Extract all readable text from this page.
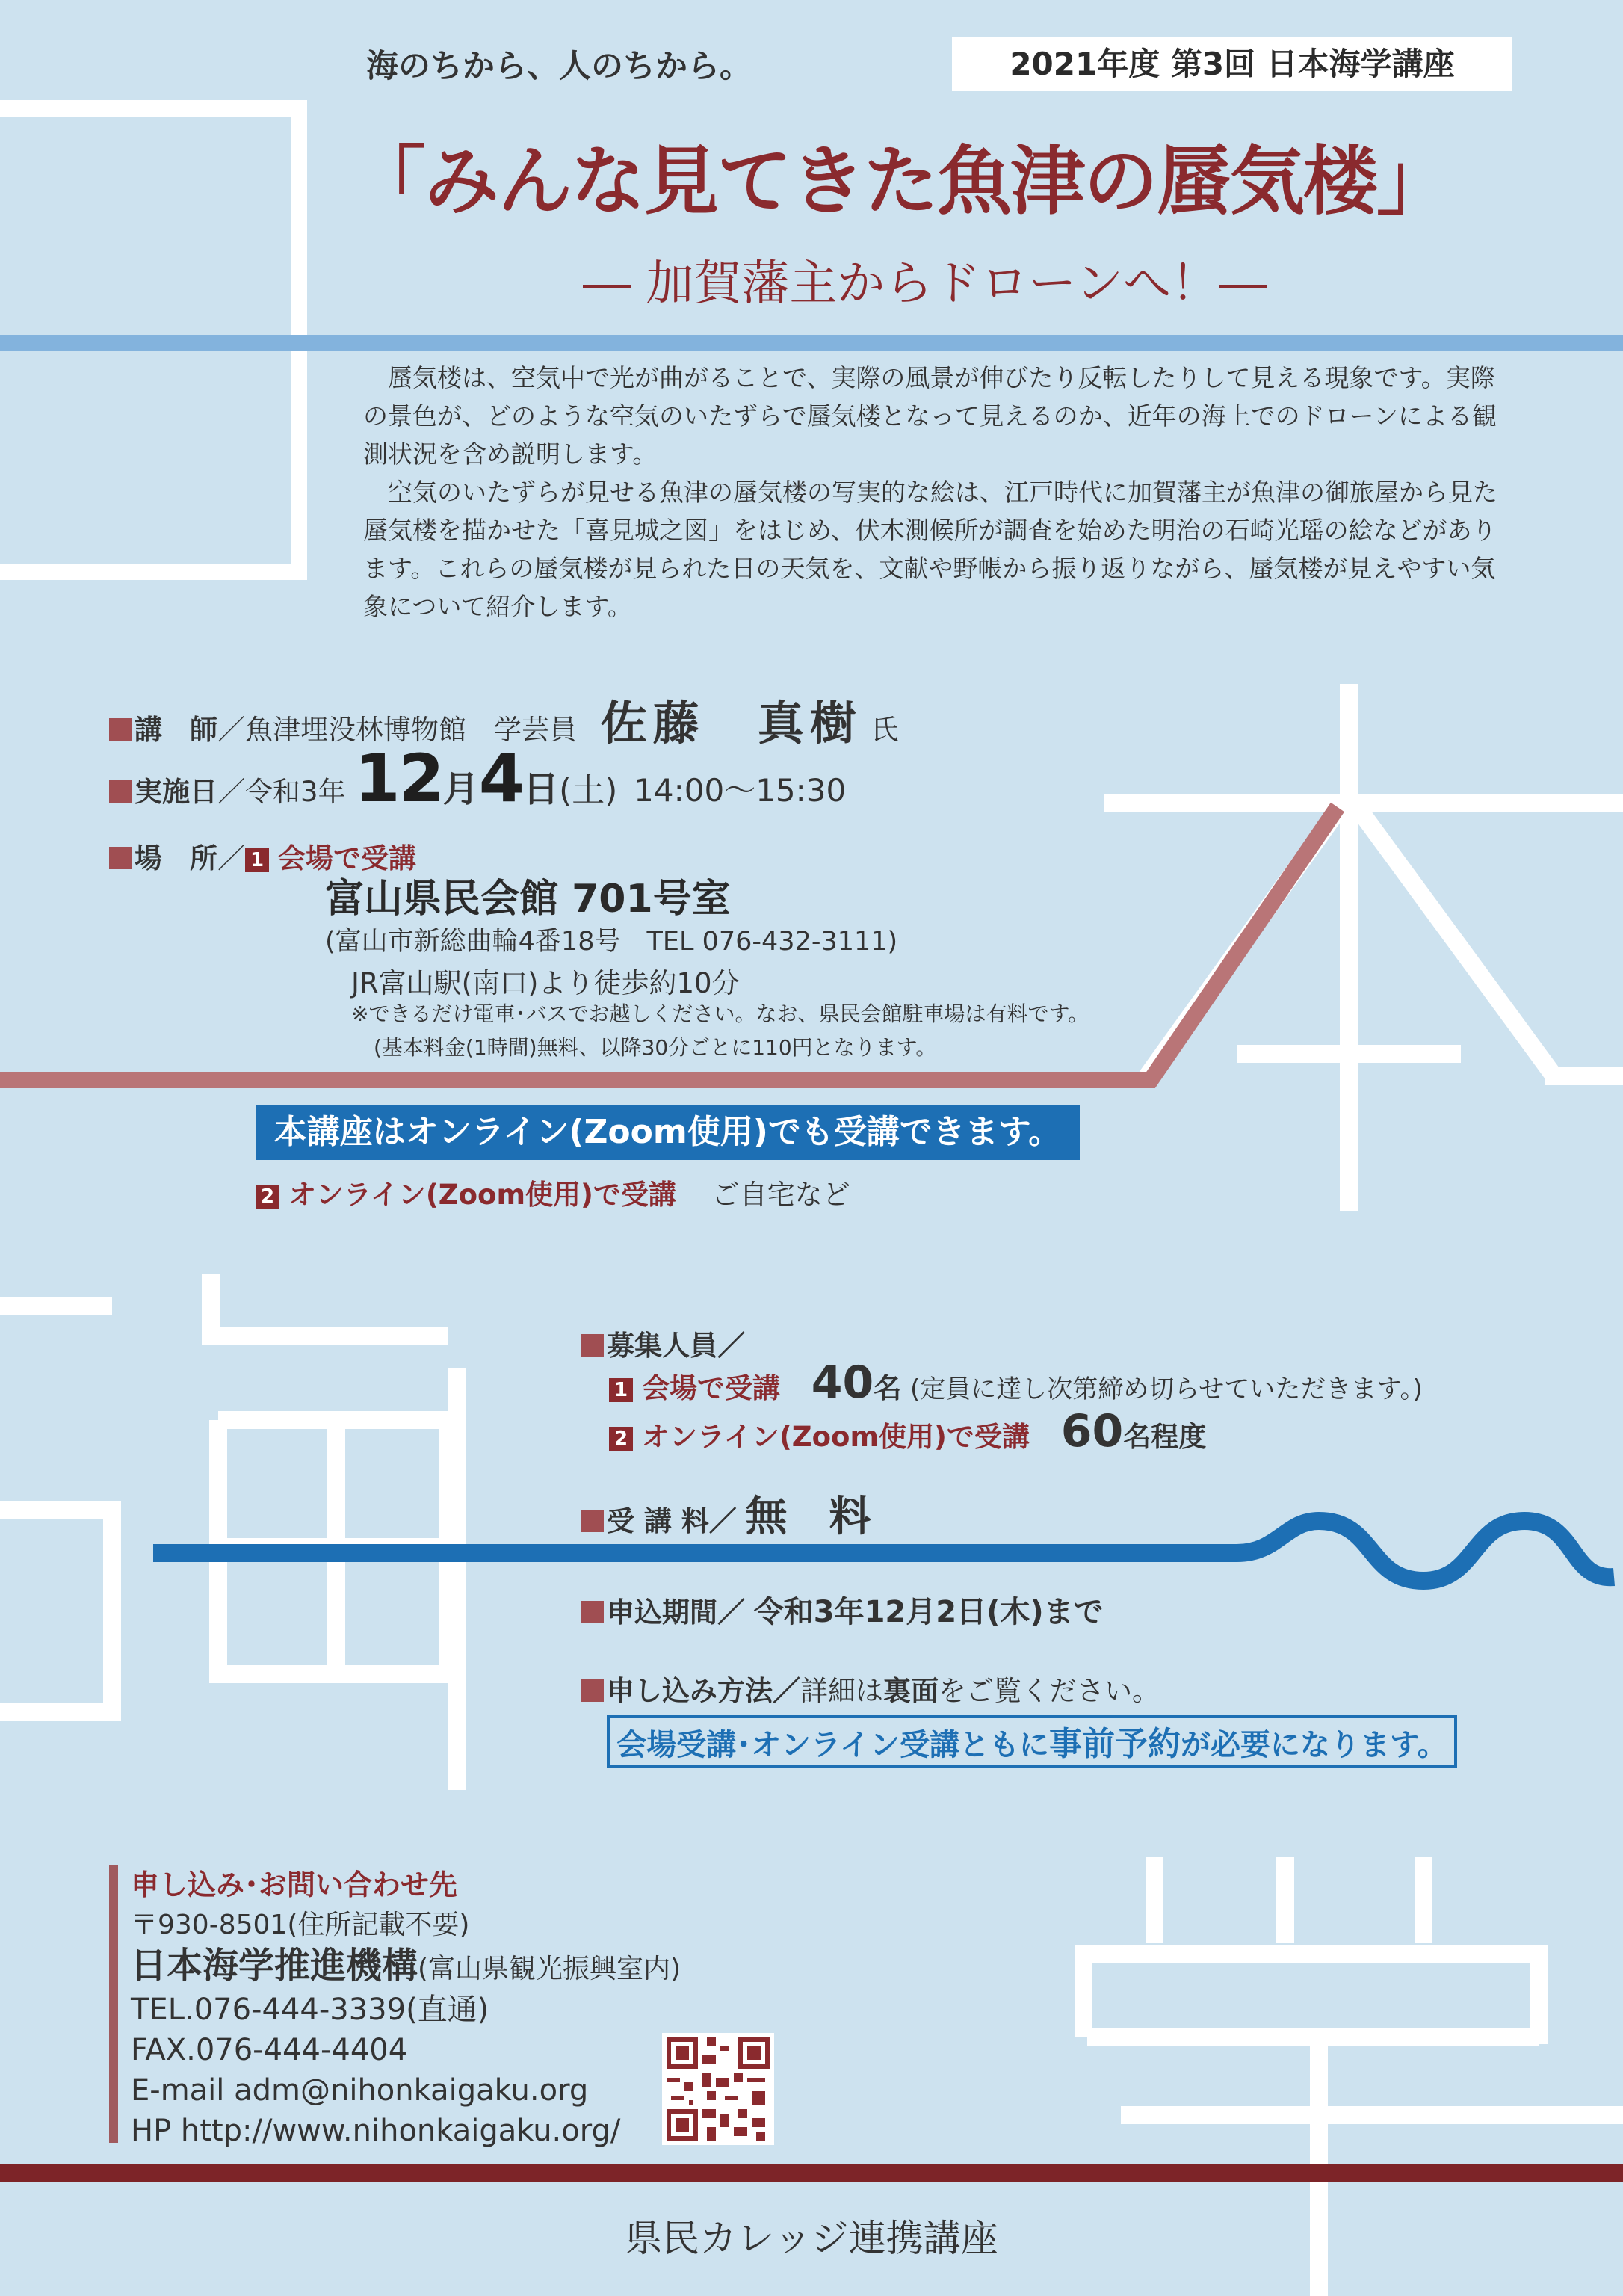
海のちから、人のちから。	2021年度 第3回 日本海学講座
「みんな見てきた魚津の蜃気楼」
― 加賀藩主からドローンへ！―

蜃気楼は、空気中で光が曲がることで、実際の風景が伸びたり反転したりして見える現象です。実際の景色が、どのような空気のいたずらで蜃気楼となって見えるのか、近年の海上でのドローンによる観測状況を含め説明します。

空気のいたずらが見せる魚津の蜃気楼の写実的な絵は、江戸時代に加賀藩主が魚津の御旅屋から見た蜃気楼を描かせた「喜見城之図」をはじめ、伏木測候所が調査を始めた明治の石崎光瑶の絵などがあります。これらの蜃気楼が見られた日の天気を、文献や野帳から振り返りながら、蜃気楼が見えやすい気象について紹介します。

講　師／魚津埋没林博物館　学芸員 佐藤　真樹 氏
実施日／令和3年 12月4日(土) 14:00～15:30
場　所／ 1 会場で受講
富山県民会館 701号室
(富山市新総曲輪4番18号　TEL 076-432-3111)
JR富山駅(南口)より徒歩約10分
※できるだけ電車･バスでお越しください。なお、県民会館駐車場は有料です。
(基本料金(1時間)無料、以降30分ごとに110円となります。
本講座はオンライン(Zoom使用)でも受講できます。
2 オンライン(Zoom使用)で受講 ご自宅など
募集人員／
1 会場で受講 40名 (定員に達し次第締め切らせていただきます。)
2 オンライン(Zoom使用)で受講 60名程度
受 講 料／ 無　料
申込期間／ 令和3年12月2日(木)まで
申し込み方法／詳細は裏面をご覧ください。
会場受講･オンライン受講ともに事前予約が必要になります。
申し込み･お問い合わせ先
〒930-8501(住所記載不要)
日本海学推進機構(富山県観光振興室内)
TEL.076-444-3339(直通)
FAX.076-444-4404
E-mail adm@nihonkaigaku.org
HP http://www.nihonkaigaku.org/
県民カレッジ連携講座
